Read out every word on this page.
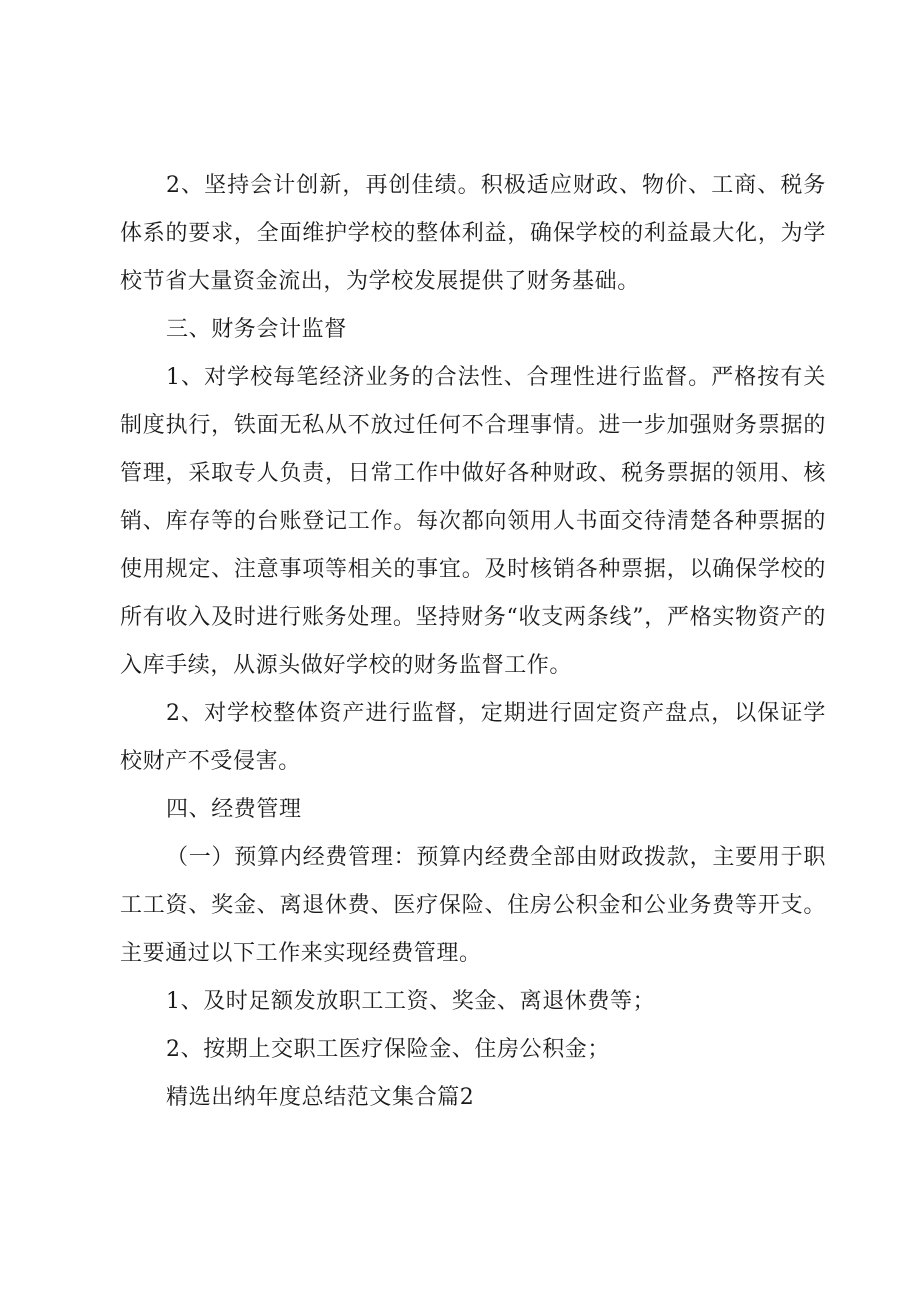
2、坚持会计创新，再创佳绩。积极适应财政、物价、工商、税务体系的要求，全面维护学校的整体利益，确保学校的利益最大化，为学校节省大量资金流出，为学校发展提供了财务基础。

三、财务会计监督

1、对学校每笔经济业务的合法性、合理性进行监督。严格按有关制度执行，铁面无私从不放过任何不合理事情。进一步加强财务票据的管理，采取专人负责，日常工作中做好各种财政、税务票据的领用、核销、库存等的台账登记工作。每次都向领用人书面交待清楚各种票据的使用规定、注意事项等相关的事宜。及时核销各种票据，以确保学校的所有收入及时进行账务处理。坚持财务“收支两条线”，严格实物资产的入库手续，从源头做好学校的财务监督工作。

2、对学校整体资产进行监督，定期进行固定资产盘点，以保证学校财产不受侵害。

四、经费管理

（一）预算内经费管理：预算内经费全部由财政拨款，主要用于职工工资、奖金、离退休费、医疗保险、住房公积金和公业务费等开支。主要通过以下工作来实现经费管理。

1、及时足额发放职工工资、奖金、离退休费等；

2、按期上交职工医疗保险金、住房公积金；

精选出纳年度总结范文集合篇2
